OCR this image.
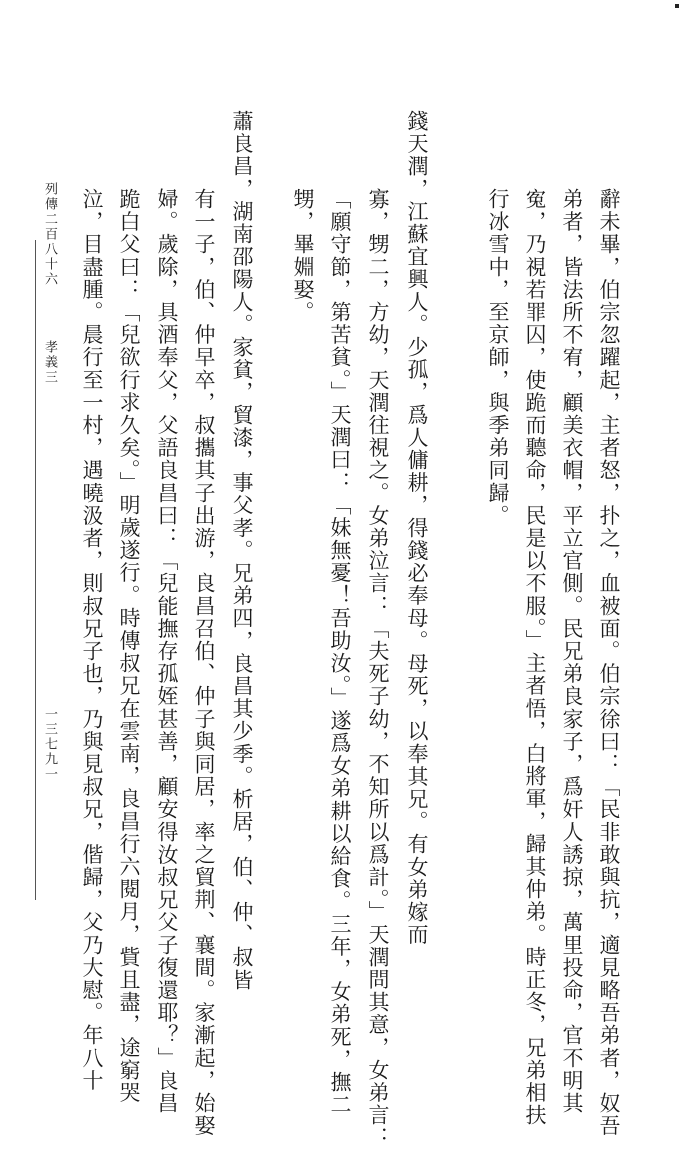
辭未畢，伯宗忽躍起，主者怒，扑之，血被面。伯宗徐曰：「民非敢與抗，適見略吾弟者，奴吾
弟者，皆法所不宥，顧美衣帽，平立官側。民兄弟良家子，爲奸人誘掠，萬里投命，官不明其
寃，乃視若罪囚，使跪而聽命，民是以不服。」主者悟，白將軍，歸其仲弟。時正冬，兄弟相扶
行冰雪中，至京師，與季弟同歸。
錢天潤，江蘇宜興人。少孤，爲人傭耕，得錢必奉母。母死，以奉其兄。有女弟嫁而
寡，甥二，方幼，天潤往視之。女弟泣言：「夫死子幼，不知所以爲計。」天潤問其意，女弟言：
「願守節，第苦貧。」天潤曰：「妹無憂！吾助汝。」遂爲女弟耕以給食。三年，女弟死，撫二
甥，畢婣娶。
蕭良昌，湖南邵陽人。家貧，貿漆，事父孝。兄弟四，良昌其少季。析居，伯、仲、叔皆
有一子，伯、仲早卒，叔攜其子出游，良昌召伯、仲子與同居，率之貿荆、襄間。家漸起，始娶
婦。歲除，具酒奉父，父語良昌曰：「兒能撫存孤姪甚善，顧安得汝叔兄父子復還耶？」良昌
跪白父曰：「兒欲行求久矣。」明歲遂行。時傳叔兄在雲南，良昌行六閱月，貲且盡，途窮哭
泣，目盡腫。晨行至一村，遇曉汲者，則叔兄子也，乃與見叔兄，偕歸，父乃大慰。年八十
列傳二百八十六
孝義三
一三七九一
